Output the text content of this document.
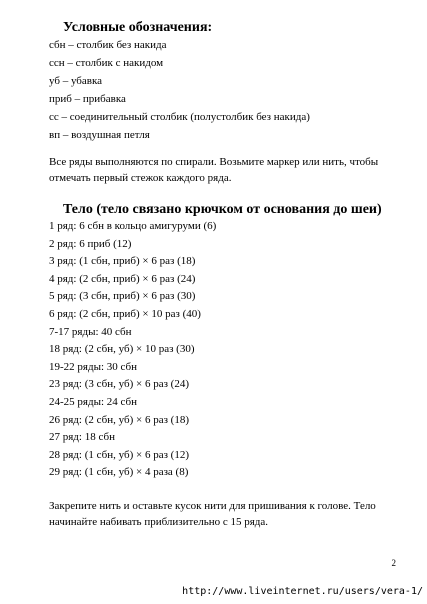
Условные обозначения:
сбн – столбик без накида
ссн – столбик с накидом
уб – убавка
приб – прибавка
сс – соединительный столбик (полустолбик без накида)
вп – воздушная петля

Все ряды выполняются по спирали. Возьмите маркер или нить, чтобы отмечать первый стежок каждого ряда.

Тело (тело связано крючком от основания до шеи)
1 ряд: 6 сбн в кольцо амигуруми (6)
2 ряд: 6 приб (12)
3 ряд: (1 сбн, приб) × 6 раз (18)
4 ряд: (2 сбн, приб) × 6 раз (24)
5 ряд: (3 сбн, приб) × 6 раз (30)
6 ряд: (2 сбн, приб) × 10 раз (40)
7-17 ряды: 40 сбн
18 ряд: (2 сбн, уб) × 10 раз (30)
19-22 ряды: 30 сбн
23 ряд: (3 сбн, уб) × 6 раз (24)
24-25 ряды: 24 сбн
26 ряд: (2 сбн, уб) × 6 раз (18)
27 ряд: 18 сбн
28 ряд: (1 сбн, уб) × 6 раз (12)
29 ряд: (1 сбн, уб) × 4 раза (8)

Закрепите нить и оставьте кусок нити для пришивания к голове. Тело начинайте набивать приблизительно с 15 ряда.

2
http://www.liveinternet.ru/users/vera-1/
